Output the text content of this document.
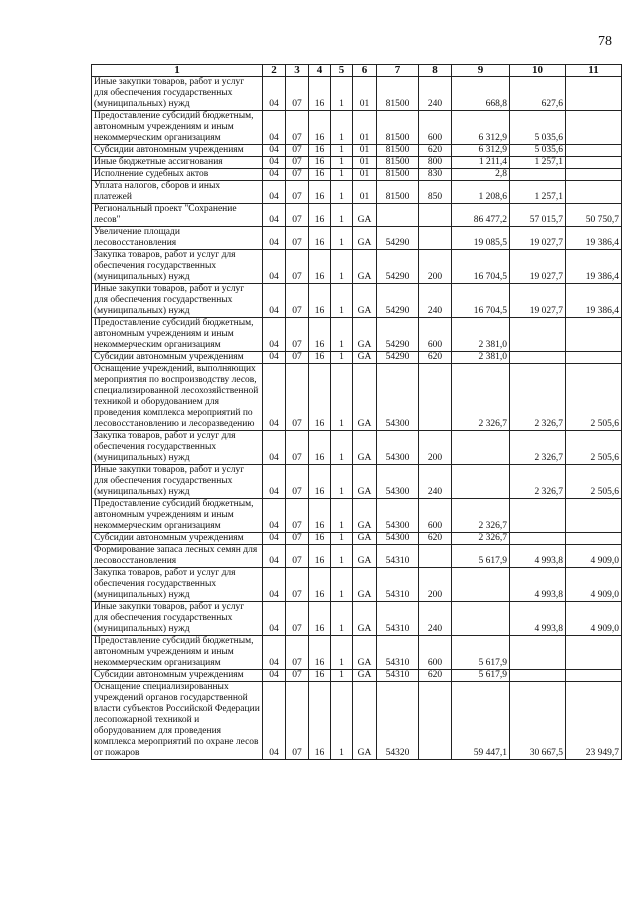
78
1	2	3	4	5	6	7	8	9	10	11
Иные закупки товаров, работ и услуг для обеспечения государственных (муниципальных) нужд	04	07	16	1	01	81500	240	668,8	627,6	
Предоставление субсидий бюджетным, автономным учреждениям и иным некоммерческим организациям	04	07	16	1	01	81500	600	6 312,9	5 035,6	
Субсидии автономным учреждениям	04	07	16	1	01	81500	620	6 312,9	5 035,6	
Иные бюджетные ассигнования	04	07	16	1	01	81500	800	1 211,4	1 257,1	
Исполнение судебных актов	04	07	16	1	01	81500	830	2,8		
Уплата налогов, сборов и иных платежей	04	07	16	1	01	81500	850	1 208,6	1 257,1	
Региональный проект "Сохранение лесов"	04	07	16	1	GA			86 477,2	57 015,7	50 750,7
Увеличение площади лесовосстановления	04	07	16	1	GA	54290		19 085,5	19 027,7	19 386,4
Закупка товаров, работ и услуг для обеспечения государственных (муниципальных) нужд	04	07	16	1	GA	54290	200	16 704,5	19 027,7	19 386,4
Иные закупки товаров, работ и услуг для обеспечения государственных (муниципальных) нужд	04	07	16	1	GA	54290	240	16 704,5	19 027,7	19 386,4
Предоставление субсидий бюджетным, автономным учреждениям и иным некоммерческим организациям	04	07	16	1	GA	54290	600	2 381,0		
Субсидии автономным учреждениям	04	07	16	1	GA	54290	620	2 381,0		
Оснащение учреждений, выполняющих мероприятия по воспроизводству лесов, специализированной лесохозяйственной техникой и оборудованием для проведения комплекса мероприятий по лесовосстановлению и лесоразведению	04	07	16	1	GA	54300		2 326,7	2 326,7	2 505,6
Закупка товаров, работ и услуг для обеспечения государственных (муниципальных) нужд	04	07	16	1	GA	54300	200		2 326,7	2 505,6
Иные закупки товаров, работ и услуг для обеспечения государственных (муниципальных) нужд	04	07	16	1	GA	54300	240		2 326,7	2 505,6
Предоставление субсидий бюджетным, автономным учреждениям и иным некоммерческим организациям	04	07	16	1	GA	54300	600	2 326,7		
Субсидии автономным учреждениям	04	07	16	1	GA	54300	620	2 326,7		
Формирование запаса лесных семян для лесовосстановления	04	07	16	1	GA	54310		5 617,9	4 993,8	4 909,0
Закупка товаров, работ и услуг для обеспечения государственных (муниципальных) нужд	04	07	16	1	GA	54310	200		4 993,8	4 909,0
Иные закупки товаров, работ и услуг для обеспечения государственных (муниципальных) нужд	04	07	16	1	GA	54310	240		4 993,8	4 909,0
Предоставление субсидий бюджетным, автономным учреждениям и иным некоммерческим организациям	04	07	16	1	GA	54310	600	5 617,9		
Субсидии автономным учреждениям	04	07	16	1	GA	54310	620	5 617,9		
Оснащение специализированных учреждений органов государственной власти субъектов Российской Федерации лесопожарной техникой и оборудованием для проведения комплекса мероприятий по охране лесов от пожаров	04	07	16	1	GA	54320		59 447,1	30 667,5	23 949,7
